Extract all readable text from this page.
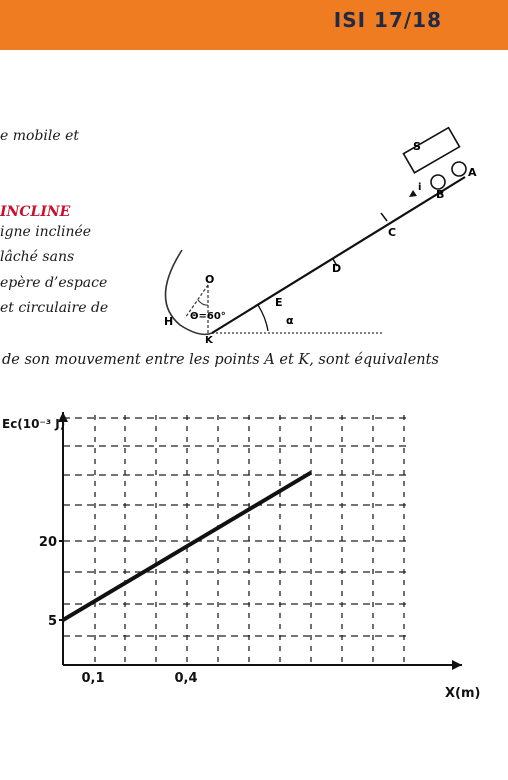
ISI 17/18
e mobile et
INCLINE
igne inclinée
lâché sans
epère d’espace
et circulaire de
de son mouvement entre les points A et K, sont équivalents
S
A
B
i
C
D
E
α
O
H
K
Θ=60°
20
5
0,1	0,4
Ec(10⁻³ J)
X(m)
